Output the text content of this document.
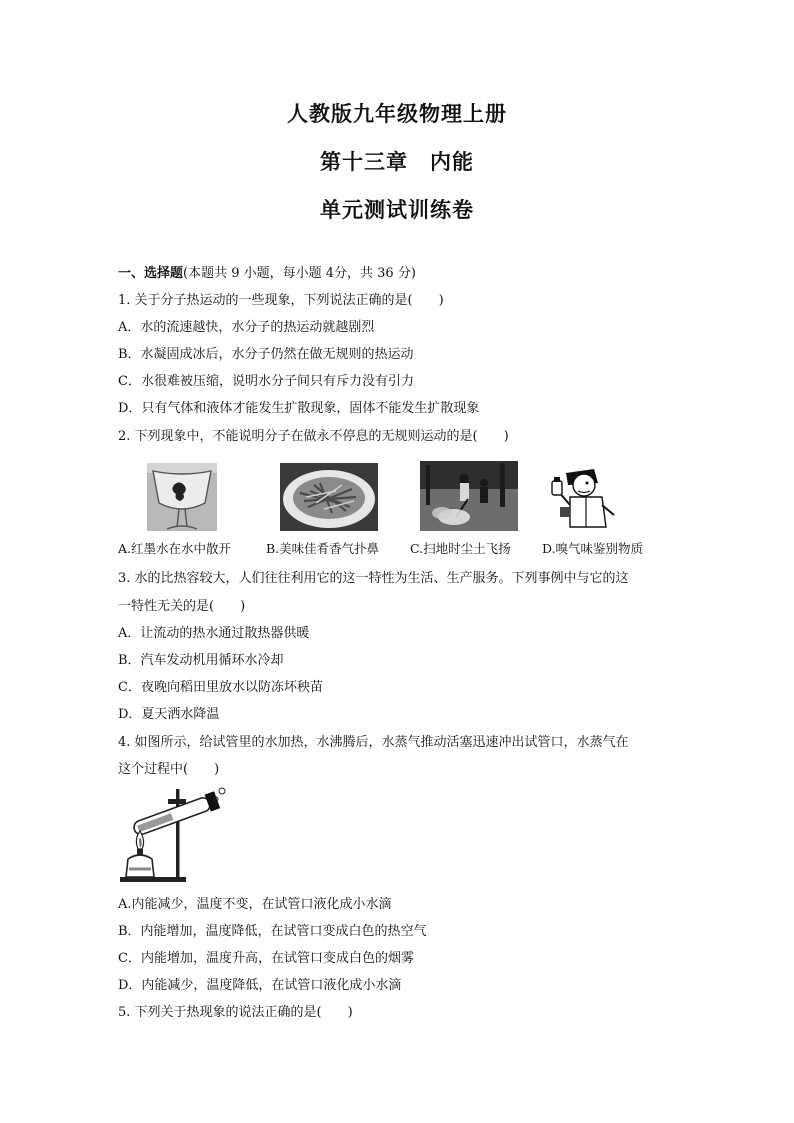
人教版九年级物理上册
第十三章　内能
单元测试训练卷
一、选择题(本题共 9 小题，每小题 4分，共 36 分)
1. 关于分子热运动的一些现象，下列说法正确的是(　　)
A．水的流速越快，水分子的热运动就越剧烈
B．水凝固成冰后，水分子仍然在做无规则的热运动
C．水很难被压缩，说明水分子间只有斥力没有引力
D．只有气体和液体才能发生扩散现象，固体不能发生扩散现象
2. 下列现象中，不能说明分子在做永不停息的无规则运动的是(　　)
A.红墨水在水中散开	B.美味佳肴香气扑鼻 C.扫地时尘土飞扬	D.嗅气味鉴别物质
3. 水的比热容较大，人们往往利用它的这一特性为生活、生产服务。下列事例中与它的这
一特性无关的是(　　)
A．让流动的热水通过散热器供暖
B．汽车发动机用循环水冷却
C．夜晚向稻田里放水以防冻坏秧苗
D．夏天洒水降温
4. 如图所示，给试管里的水加热，水沸腾后，水蒸气推动活塞迅速冲出试管口，水蒸气在
这个过程中(　　)
A.内能减少，温度不变，在试管口液化成小水滴
B．内能增加，温度降低，在试管口变成白色的热空气
C．内能增加，温度升高，在试管口变成白色的烟雾
D．内能减少，温度降低，在试管口液化成小水滴
5. 下列关于热现象的说法正确的是(　　)
